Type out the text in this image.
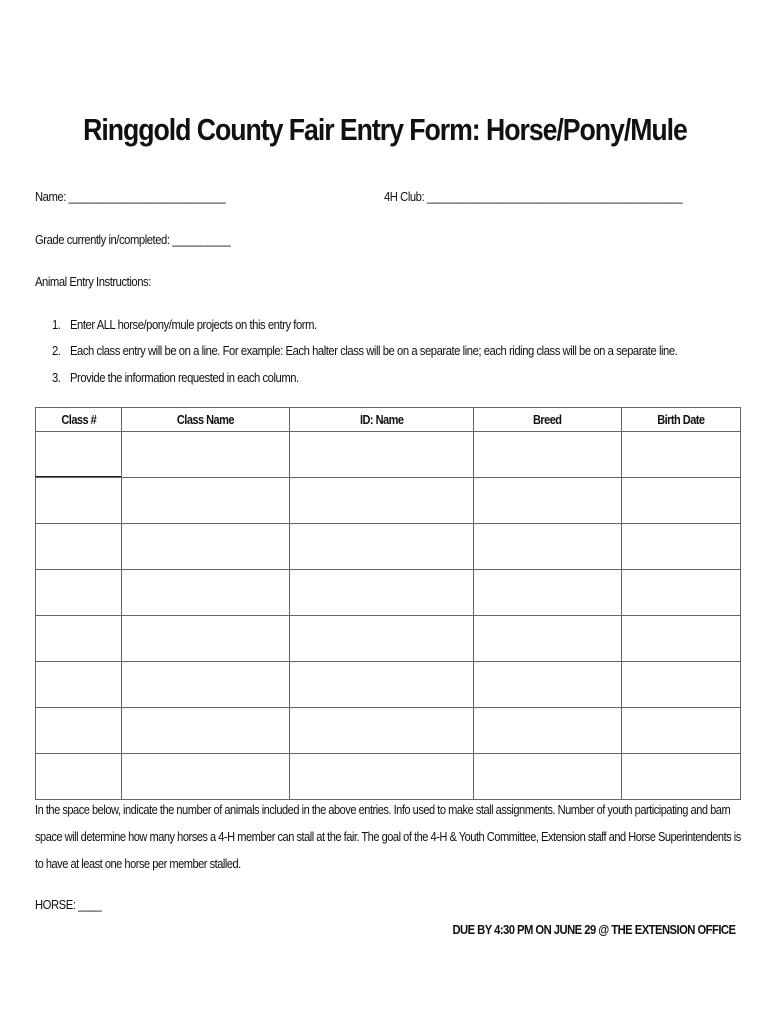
Ringgold County Fair Entry Form: Horse/Pony/Mule
Name: ___________________________	4H Club: ____________________________________________
Grade currently in/completed: __________
Animal Entry Instructions:
1. Enter ALL horse/pony/mule projects on this entry form.
2. Each class entry will be on a line. For example: Each halter class will be on a separate line; each riding class will be on a separate line.
3. Provide the information requested in each column.
Class #	Class Name	ID: Name	Breed	Birth Date

In the space below, indicate the number of animals included in the above entries. Info used to make stall assignments. Number of youth participating and barn
space will determine how many horses a 4-H member can stall at the fair. The goal of the 4-H & Youth Committee, Extension staff and Horse Superintendents is
to have at least one horse per member stalled.
HORSE: ____
DUE BY 4:30 PM ON JUNE 29 @ THE EXTENSION OFFICE
